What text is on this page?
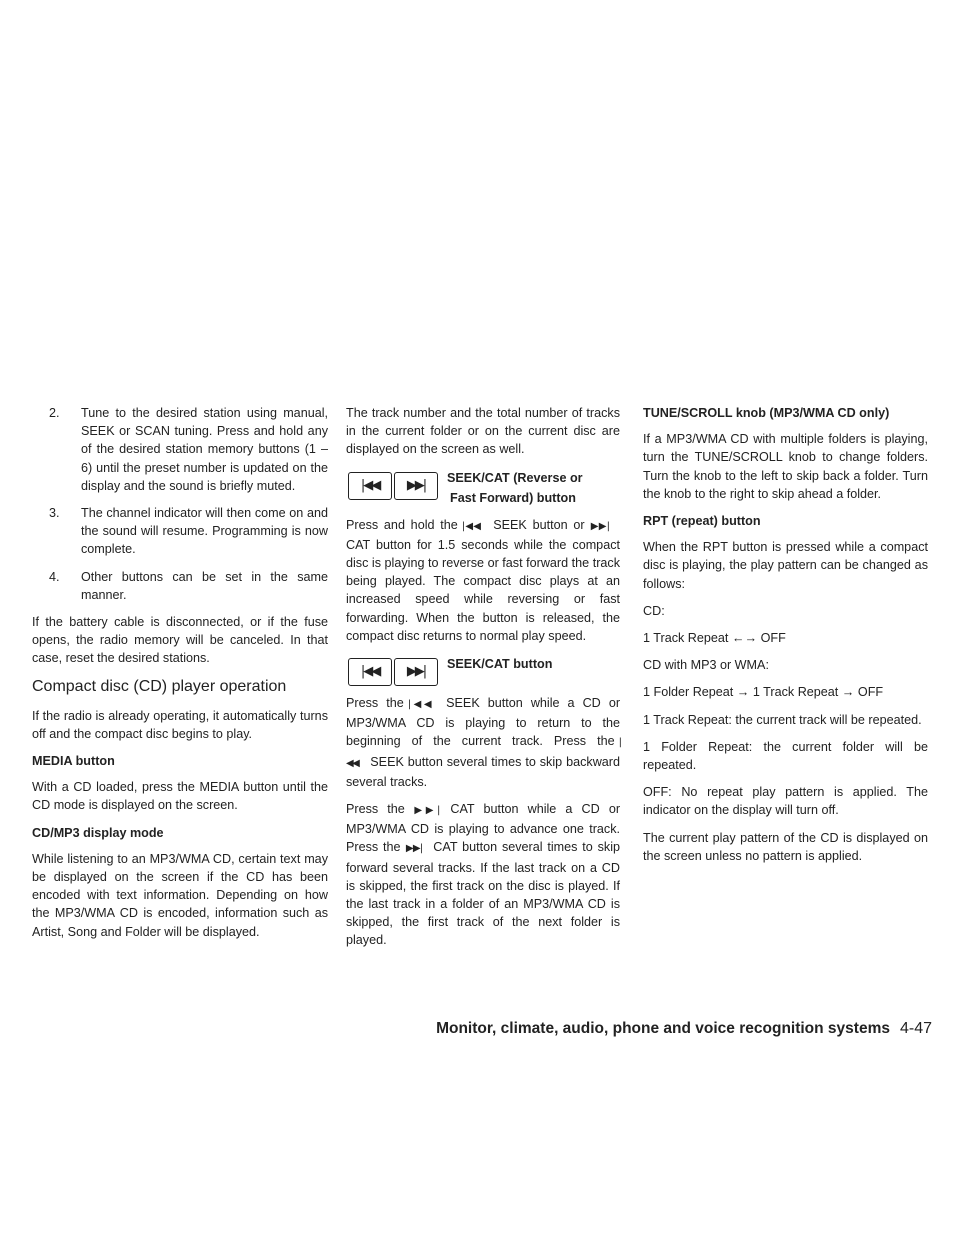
2. Tune to the desired station using manual, SEEK or SCAN tuning. Press and hold any of the desired station memory buttons (1 – 6) until the preset number is updated on the display and the sound is briefly muted.
3. The channel indicator will then come on and the sound will resume. Programming is now complete.
4. Other buttons can be set in the same manner.

If the battery cable is disconnected, or if the fuse opens, the radio memory will be canceled. In that case, reset the desired stations.

Compact disc (CD) player operation

If the radio is already operating, it automatically turns off and the compact disc begins to play.

MEDIA button

With a CD loaded, press the MEDIA button until the CD mode is displayed on the screen.

CD/MP3 display mode

While listening to an MP3/WMA CD, certain text may be displayed on the screen if the CD has been encoded with text information. Depending on how the MP3/WMA CD is encoded, information such as Artist, Song and Folder will be displayed.

The track number and the total number of tracks in the current folder or on the current disc are displayed on the screen as well.

|◀◀	▶▶|	SEEK/CAT (Reverse or
Fast Forward) button

Press and hold the |◀◀ SEEK button or ▶▶| CAT button for 1.5 seconds while the compact disc is playing to reverse or fast forward the track being played. The compact disc plays at an increased speed while reversing or fast forwarding. When the button is released, the compact disc returns to normal play speed.

|◀◀	▶▶|	SEEK/CAT button

Press the |◀◀ SEEK button while a CD or MP3/WMA CD is playing to return to the beginning of the current track. Press the |◀◀ SEEK button several times to skip backward several tracks.

Press the ▶▶| CAT button while a CD or MP3/WMA CD is playing to advance one track. Press the ▶▶| CAT button several times to skip forward several tracks. If the last track on a CD is skipped, the first track on the disc is played. If the last track in a folder of an MP3/WMA CD is skipped, the first track of the next folder is played.

TUNE/SCROLL knob (MP3/WMA CD only)

If a MP3/WMA CD with multiple folders is playing, turn the TUNE/SCROLL knob to change folders. Turn the knob to the left to skip back a folder. Turn the knob to the right to skip ahead a folder.

RPT (repeat) button

When the RPT button is pressed while a compact disc is playing, the play pattern can be changed as follows:

CD:

1 Track Repeat ←→ OFF

CD with MP3 or WMA:

1 Folder Repeat → 1 Track Repeat → OFF

1 Track Repeat: the current track will be repeated.

1 Folder Repeat: the current folder will be repeated.

OFF: No repeat play pattern is applied. The indicator on the display will turn off.

The current play pattern of the CD is displayed on the screen unless no pattern is applied.

Monitor, climate, audio, phone and voice recognition systems 4-47
